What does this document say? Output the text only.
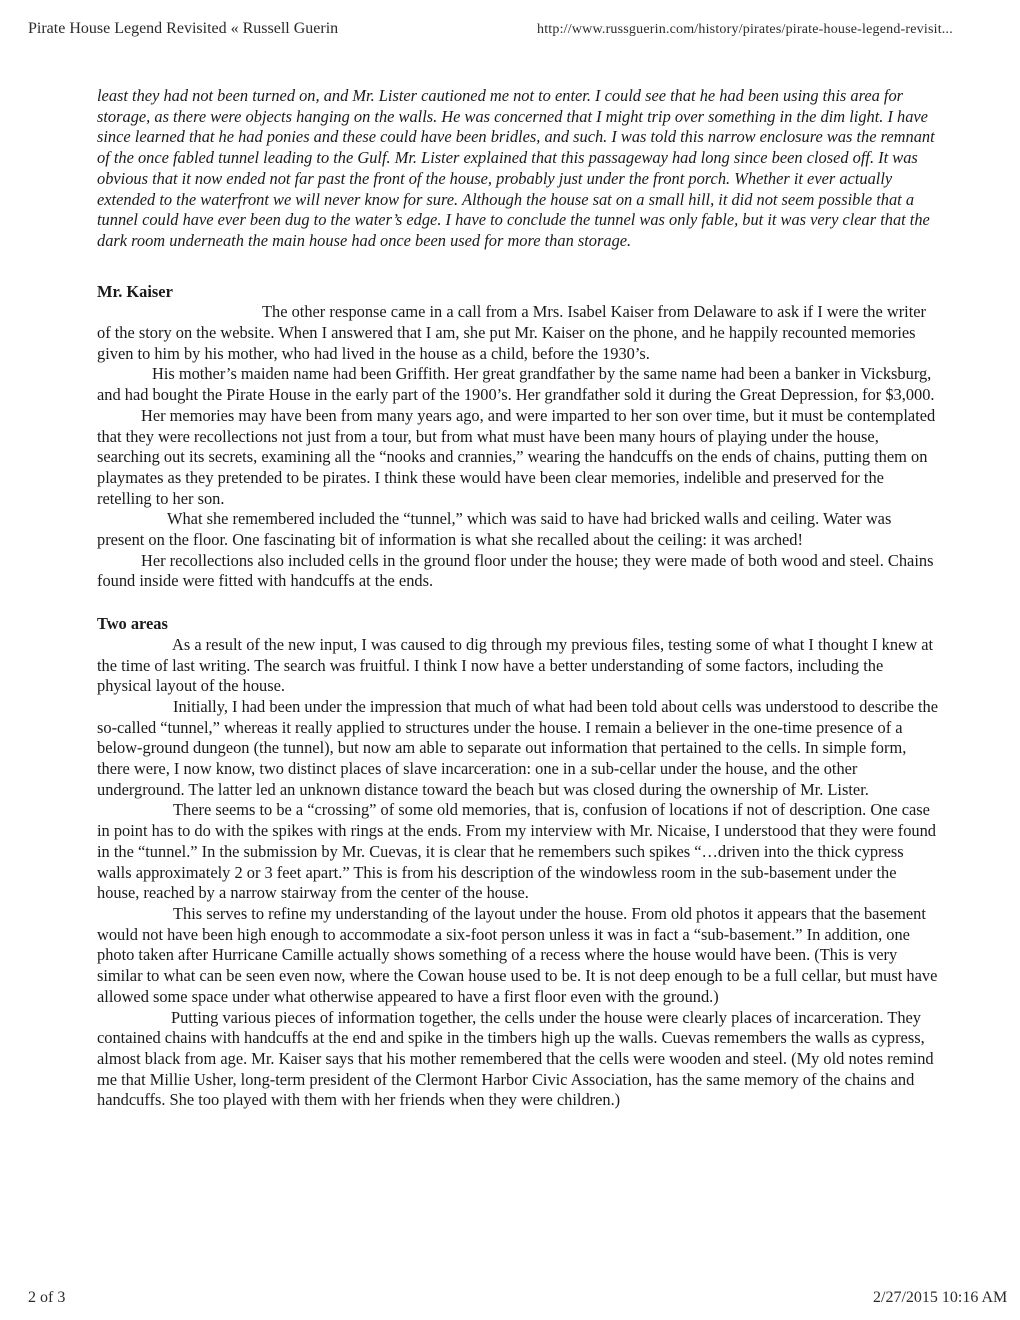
Pirate House Legend Revisited « Russell Guerin	http://www.russguerin.com/history/pirates/pirate-house-legend-revisit...

least they had not been turned on, and Mr. Lister cautioned me not to enter. I could see that he had been using this area for storage, as there were objects hanging on the walls. He was concerned that I might trip over something in the dim light. I have since learned that he had ponies and these could have been bridles, and such. I was told this narrow enclosure was the remnant of the once fabled tunnel leading to the Gulf. Mr. Lister explained that this passageway had long since been closed off. It was obvious that it now ended not far past the front of the house, probably just under the front porch. Whether it ever actually extended to the waterfront we will never know for sure. Although the house sat on a small hill, it did not seem possible that a tunnel could have ever been dug to the water’s edge. I have to conclude the tunnel was only fable, but it was very clear that the dark room underneath the main house had once been used for more than storage.

Mr. Kaiser

The other response came in a call from a Mrs. Isabel Kaiser from Delaware to ask if I were the writer of the story on the website. When I answered that I am, she put Mr. Kaiser on the phone, and he happily recounted memories given to him by his mother, who had lived in the house as a child, before the 1930’s.

His mother’s maiden name had been Griffith. Her great grandfather by the same name had been a banker in Vicksburg, and had bought the Pirate House in the early part of the 1900’s. Her grandfather sold it during the Great Depression, for $3,000.

Her memories may have been from many years ago, and were imparted to her son over time, but it must be contemplated that they were recollections not just from a tour, but from what must have been many hours of playing under the house, searching out its secrets, examining all the “nooks and crannies,” wearing the handcuffs on the ends of chains, putting them on playmates as they pretended to be pirates. I think these would have been clear memories, indelible and preserved for the retelling to her son.

What she remembered included the “tunnel,” which was said to have had bricked walls and ceiling. Water was present on the floor. One fascinating bit of information is what she recalled about the ceiling: it was arched!

Her recollections also included cells in the ground floor under the house; they were made of both wood and steel. Chains found inside were fitted with handcuffs at the ends.

Two areas

As a result of the new input, I was caused to dig through my previous files, testing some of what I thought I knew at the time of last writing. The search was fruitful. I think I now have a better understanding of some factors, including the physical layout of the house.

Initially, I had been under the impression that much of what had been told about cells was understood to describe the so-called “tunnel,” whereas it really applied to structures under the house. I remain a believer in the one-time presence of a below-ground dungeon (the tunnel), but now am able to separate out information that pertained to the cells. In simple form, there were, I now know, two distinct places of slave incarceration: one in a sub-cellar under the house, and the other underground. The latter led an unknown distance toward the beach but was closed during the ownership of Mr. Lister.

There seems to be a “crossing” of some old memories, that is, confusion of locations if not of description. One case in point has to do with the spikes with rings at the ends. From my interview with Mr. Nicaise, I understood that they were found in the “tunnel.” In the submission by Mr. Cuevas, it is clear that he remembers such spikes “…driven into the thick cypress walls approximately 2 or 3 feet apart.” This is from his description of the windowless room in the sub-basement under the house, reached by a narrow stairway from the center of the house.

This serves to refine my understanding of the layout under the house. From old photos it appears that the basement would not have been high enough to accommodate a six-foot person unless it was in fact a “sub-basement.” In addition, one photo taken after Hurricane Camille actually shows something of a recess where the house would have been. (This is very similar to what can be seen even now, where the Cowan house used to be. It is not deep enough to be a full cellar, but must have allowed some space under what otherwise appeared to have a first floor even with the ground.)

Putting various pieces of information together, the cells under the house were clearly places of incarceration. They contained chains with handcuffs at the end and spike in the timbers high up the walls. Cuevas remembers the walls as cypress, almost black from age. Mr. Kaiser says that his mother remembered that the cells were wooden and steel. (My old notes remind me that Millie Usher, long-term president of the Clermont Harbor Civic Association, has the same memory of the chains and handcuffs. She too played with them with her friends when they were children.)

2 of 3	2/27/2015 10:16 AM
